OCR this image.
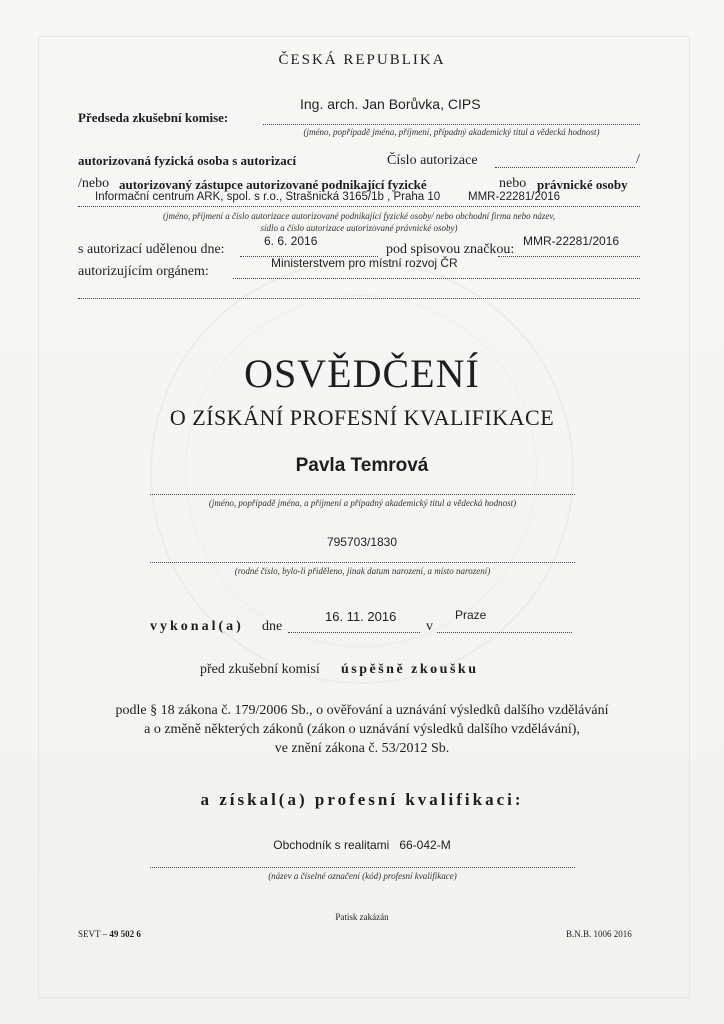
ČESKÁ REPUBLIKA
Předseda zkušební komise:
Ing. arch. Jan Borůvka, CIPS
(jméno, popřípadě jména, příjmení, případný akademický titul a vědecká hodnost)
autorizovaná fyzická osoba s autorizací	Číslo autorizace	/
/nebo autorizovaný zástupce autorizované podnikající fyzické	nebo právnické osoby
Informační centrum ARK, spol. s r.o., Strašnická 3165/1b , Praha 10 MMR-22281/2016
(jméno, příjmení a číslo autorizace autorizované podnikající fyzické osoby/ nebo obchodní firma nebo název,
sídlo a číslo autorizace autorizované právnické osoby)
s autorizací udělenou dne:
6. 6. 2016
pod spisovou značkou:
MMR-22281/2016
autorizujícím orgánem:
Ministerstvem pro místní rozvoj ČR
OSVĚDČENÍ
O ZÍSKÁNÍ PROFESNÍ KVALIFIKACE
Pavla Temrová
(jméno, popřípadě jména, a příjmení a případný akademický titul a vědecká hodnost)
795703/1830
(rodné číslo, bylo-li přiděleno, jinak datum narození, a místo narození)
vykonal(a) dne
16. 11. 2016
v
Praze
před zkušební komisí úspěšně zkoušku
podle § 18 zákona č. 179/2006 Sb., o ověřování a uznávání výsledků dalšího vzdělávání
a o změně některých zákonů (zákon o uznávání výsledků dalšího vzdělávání),
ve znění zákona č. 53/2012 Sb.
a získal(a) profesní kvalifikaci:
Obchodník s realitami   66-042-M
(název a číselné označení (kód) profesní kvalifikace)
Patisk zakázán
SEVT – 49 502 6	B.N.B. 1006 2016
